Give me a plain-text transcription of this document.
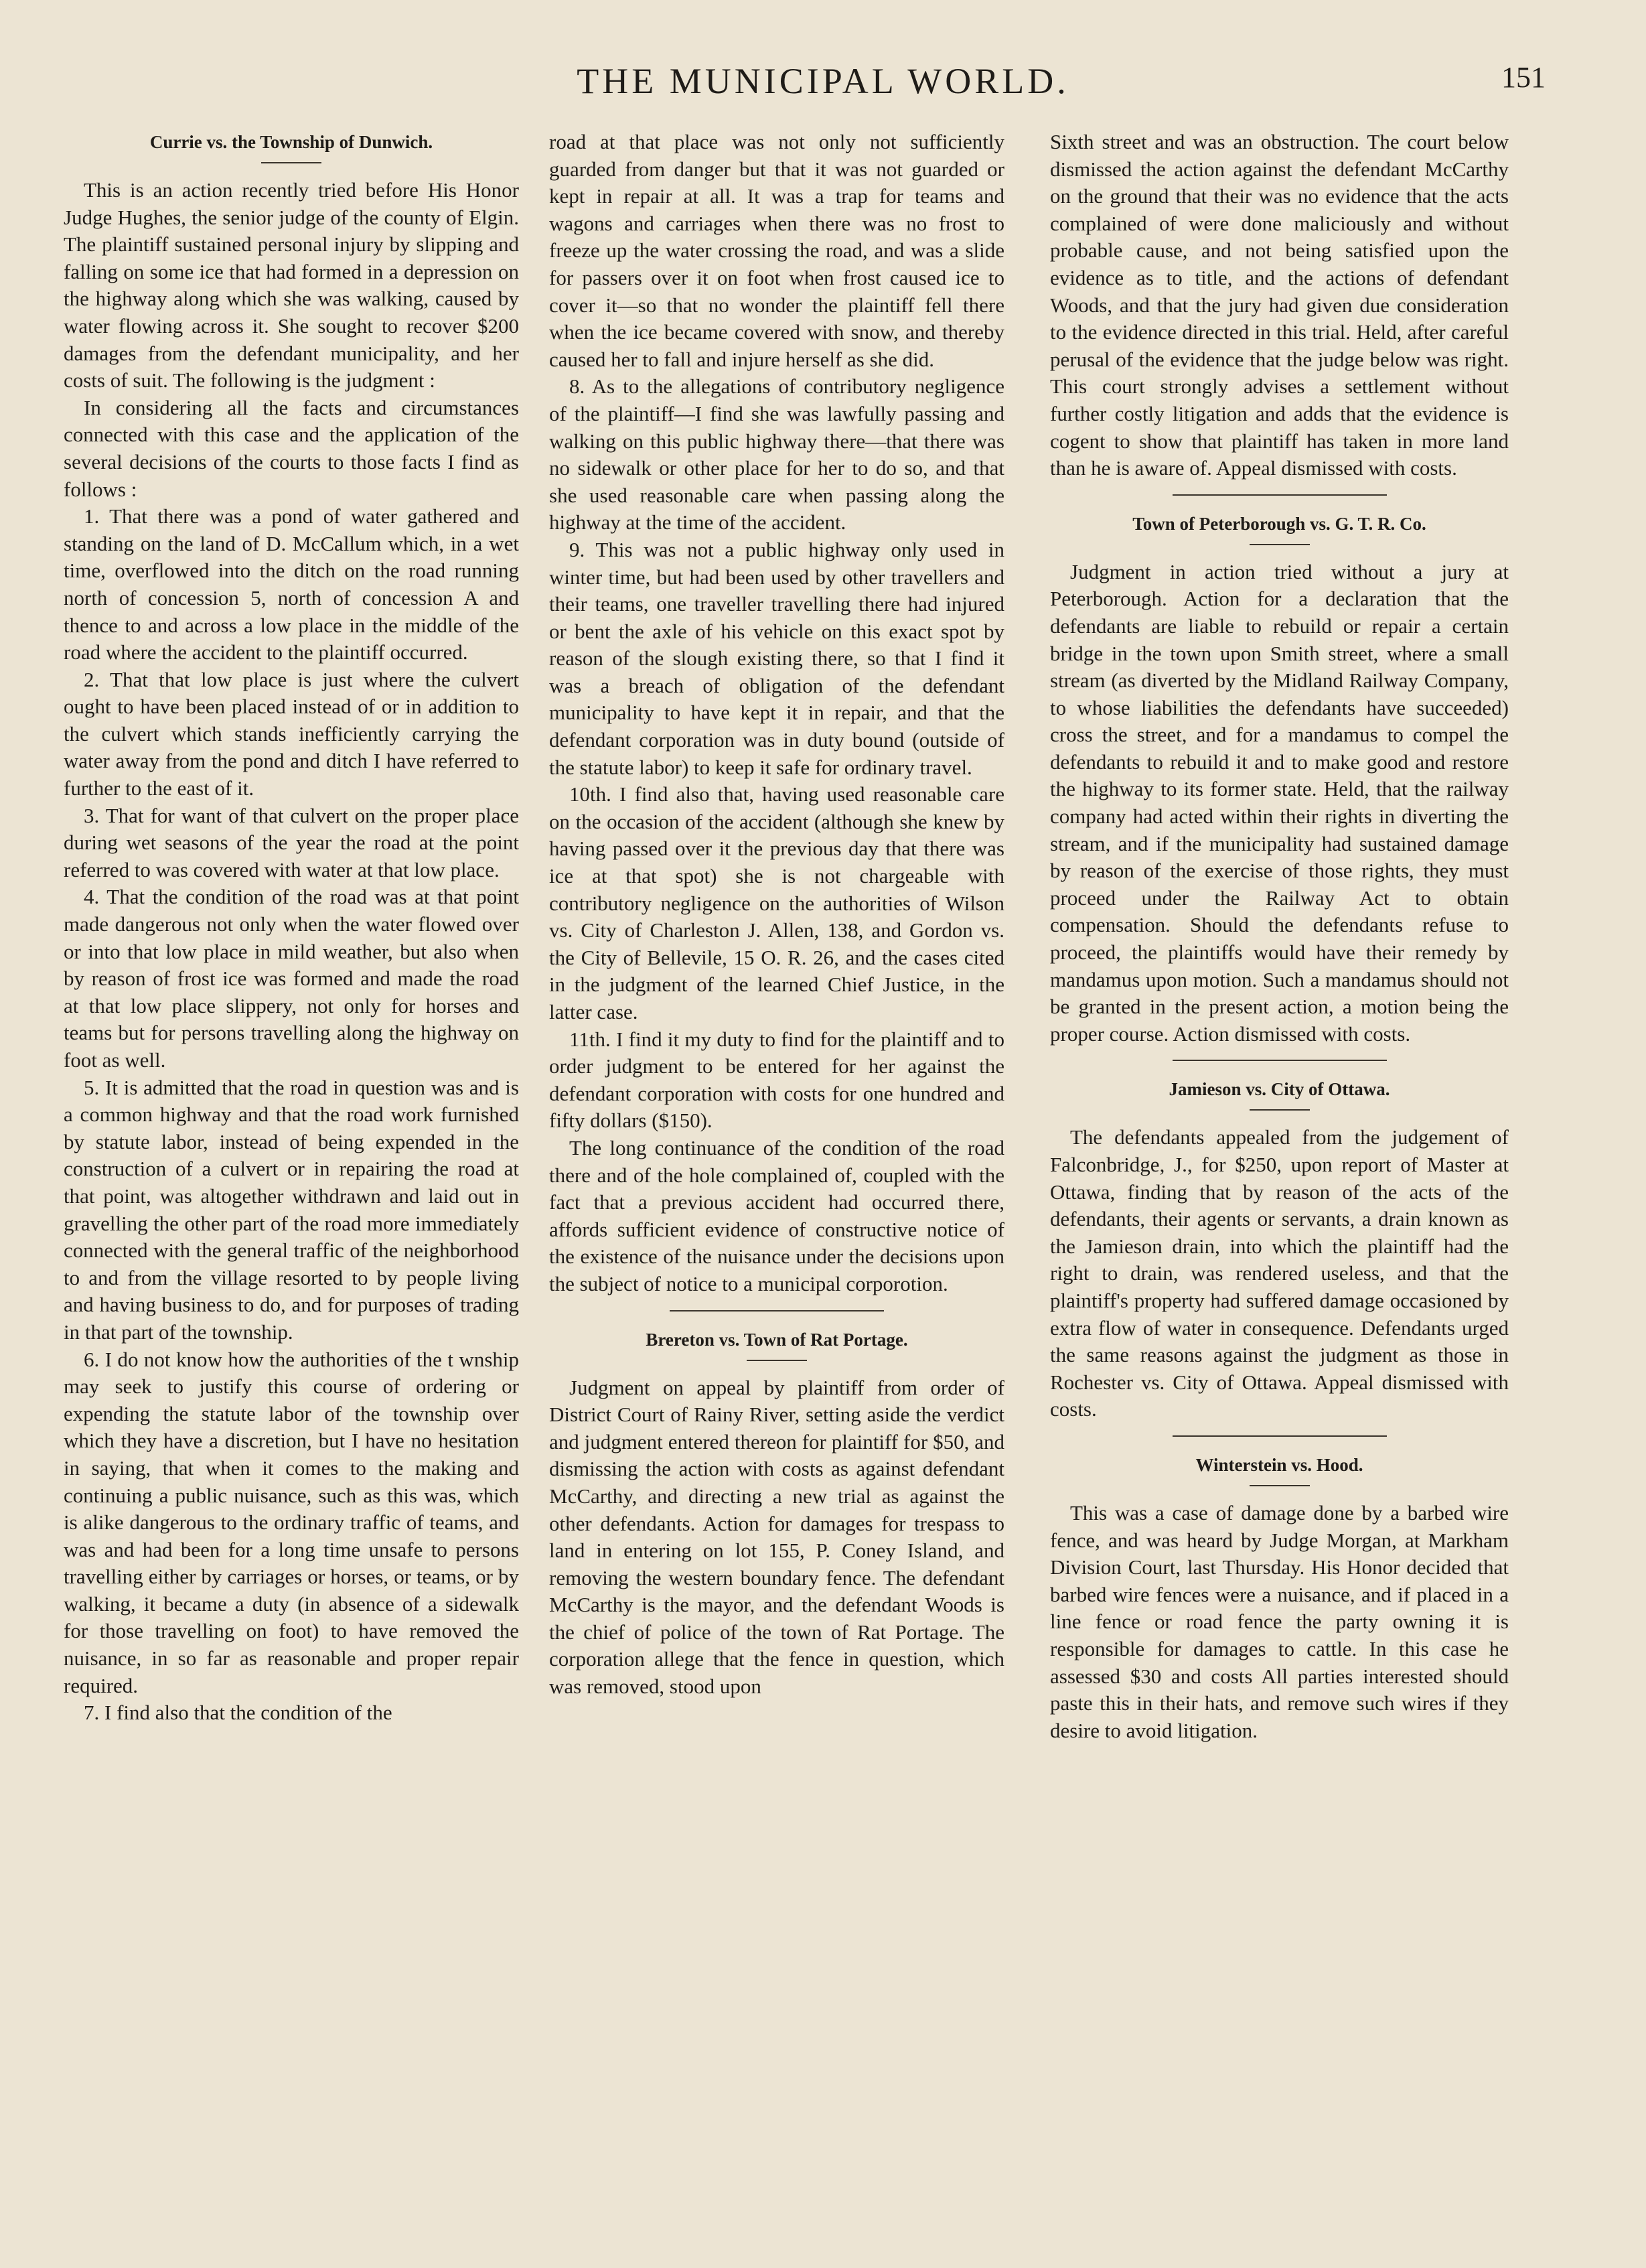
THE MUNICIPAL WORLD.	151
Currie vs. the Township of Dunwich.

This is an action recently tried before His Honor Judge Hughes, the senior judge of the county of Elgin. The plaintiff sustained personal injury by slipping and falling on some ice that had formed in a depression on the highway along which she was walking, caused by water flowing across it. She sought to recover $200 damages from the defendant municipality, and her costs of suit. The following is the judgment :

In considering all the facts and circumstances connected with this case and the application of the several decisions of the courts to those facts I find as follows :

1. That there was a pond of water gathered and standing on the land of D. McCallum which, in a wet time, overflowed into the ditch on the road running north of concession 5, north of concession A and thence to and across a low place in the middle of the road where the accident to the plaintiff occurred.

2. That that low place is just where the culvert ought to have been placed instead of or in addition to the culvert which stands inefficiently carrying the water away from the pond and ditch I have referred to further to the east of it.

3. That for want of that culvert on the proper place during wet seasons of the year the road at the point referred to was covered with water at that low place.

4. That the condition of the road was at that point made dangerous not only when the water flowed over or into that low place in mild weather, but also when by reason of frost ice was formed and made the road at that low place slippery, not only for horses and teams but for persons travelling along the highway on foot as well.

5. It is admitted that the road in question was and is a common highway and that the road work furnished by statute labor, instead of being expended in the construction of a culvert or in repairing the road at that point, was altogether withdrawn and laid out in gravelling the other part of the road more immediately connected with the general traffic of the neighborhood to and from the village resorted to by people living and having business to do, and for purposes of trading in that part of the township.

6. I do not know how the authorities of the t wnship may seek to justify this course of ordering or expending the statute labor of the township over which they have a discretion, but I have no hesitation in saying, that when it comes to the making and continuing a public nuisance, such as this was, which is alike dangerous to the ordinary traffic of teams, and was and had been for a long time unsafe to persons travelling either by carriages or horses, or teams, or by walking, it became a duty (in absence of a sidewalk for those travelling on foot) to have removed the nuisance, in so far as reasonable and proper repair required.

7. I find also that the condition of the

road at that place was not only not sufficiently guarded from danger but that it was not guarded or kept in repair at all. It was a trap for teams and wagons and carriages when there was no frost to freeze up the water crossing the road, and was a slide for passers over it on foot when frost caused ice to cover it—so that no wonder the plaintiff fell there when the ice became covered with snow, and thereby caused her to fall and injure herself as she did.

8. As to the allegations of contributory negligence of the plaintiff—I find she was lawfully passing and walking on this public highway there—that there was no sidewalk or other place for her to do so, and that she used reasonable care when passing along the highway at the time of the accident.

9. This was not a public highway only used in winter time, but had been used by other travellers and their teams, one traveller travelling there had injured or bent the axle of his vehicle on this exact spot by reason of the slough existing there, so that I find it was a breach of obligation of the defendant municipality to have kept it in repair, and that the defendant corporation was in duty bound (outside of the statute labor) to keep it safe for ordinary travel.

10th. I find also that, having used reasonable care on the occasion of the accident (although she knew by having passed over it the previous day that there was ice at that spot) she is not chargeable with contributory negligence on the authorities of Wilson vs. City of Charleston J. Allen, 138, and Gordon vs. the City of Bellevile, 15 O. R. 26, and the cases cited in the judgment of the learned Chief Justice, in the latter case.

11th. I find it my duty to find for the plaintiff and to order judgment to be entered for her against the defendant corporation with costs for one hundred and fifty dollars ($150).

The long continuance of the condition of the road there and of the hole complained of, coupled with the fact that a previous accident had occurred there, affords sufficient evidence of constructive notice of the existence of the nuisance under the decisions upon the subject of notice to a municipal corporotion.

Brereton vs. Town of Rat Portage.

Judgment on appeal by plaintiff from order of District Court of Rainy River, setting aside the verdict and judgment entered thereon for plaintiff for $50, and dismissing the action with costs as against defendant McCarthy, and directing a new trial as against the other defendants. Action for damages for trespass to land in entering on lot 155, P. Coney Island, and removing the western boundary fence. The defendant McCarthy is the mayor, and the defendant Woods is the chief of police of the town of Rat Portage. The corporation allege that the fence in question, which was removed, stood upon

Sixth street and was an obstruction. The court below dismissed the action against the defendant McCarthy on the ground that their was no evidence that the acts complained of were done maliciously and without probable cause, and not being satisfied upon the evidence as to title, and the actions of defendant Woods, and that the jury had given due consideration to the evidence directed in this trial. Held, after careful perusal of the evidence that the judge below was right. This court strongly advises a settlement without further costly litigation and adds that the evidence is cogent to show that plaintiff has taken in more land than he is aware of. Appeal dismissed with costs.

Town of Peterborough vs. G. T. R. Co.

Judgment in action tried without a jury at Peterborough. Action for a declaration that the defendants are liable to rebuild or repair a certain bridge in the town upon Smith street, where a small stream (as diverted by the Midland Railway Company, to whose liabilities the defendants have succeeded) cross the street, and for a mandamus to compel the defendants to rebuild it and to make good and restore the highway to its former state. Held, that the railway company had acted within their rights in diverting the stream, and if the municipality had sustained damage by reason of the exercise of those rights, they must proceed under the Railway Act to obtain compensation. Should the defendants refuse to proceed, the plaintiffs would have their remedy by mandamus upon motion. Such a mandamus should not be granted in the present action, a motion being the proper course. Action dismissed with costs.

Jamieson vs. City of Ottawa.

The defendants appealed from the judgement of Falconbridge, J., for $250, upon report of Master at Ottawa, finding that by reason of the acts of the defendants, their agents or servants, a drain known as the Jamieson drain, into which the plaintiff had the right to drain, was rendered useless, and that the plaintiff's property had suffered damage occasioned by extra flow of water in consequence. Defendants urged the same reasons against the judgment as those in Rochester vs. City of Ottawa. Appeal dismissed with costs.

Winterstein vs. Hood.

This was a case of damage done by a barbed wire fence, and was heard by Judge Morgan, at Markham Division Court, last Thursday. His Honor decided that barbed wire fences were a nuisance, and if placed in a line fence or road fence the party owning it is responsible for damages to cattle. In this case he assessed $30 and costs All parties interested should paste this in their hats, and remove such wires if they desire to avoid litigation.
